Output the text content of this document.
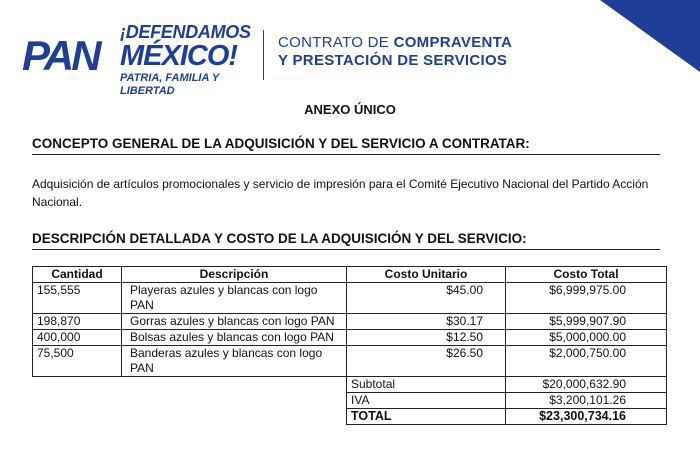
PAN ¡DEFENDAMOS
MÉXICO!
PATRIA, FAMILIA Y LIBERTAD
CONTRATO DE COMPRAVENTA
Y PRESTACIÓN DE SERVICIOS
ANEXO ÚNICO
CONCEPTO GENERAL DE LA ADQUISICIÓN Y DEL SERVICIO A CONTRATAR:
Adquisición de artículos promocionales y servicio de impresión para el Comité Ejecutivo Nacional del Partido Acción Nacional.
DESCRIPCIÓN DETALLADA Y COSTO DE LA ADQUISICIÓN Y DEL SERVICIO:
Cantidad	Descripción	Costo Unitario	Costo Total
155,555	Playeras azules y blancas con logo PAN	$45.00	$6,999,975.00
198,870	Gorras azules y blancas con logo PAN	$30.17	$5,999,907.90
400,000	Bolsas azules y blancas con logo PAN	$12.50	$5,000,000.00
75,500	Banderas azules y blancas con logo PAN	$26.50	$2,000,750.00
		Subtotal	$20,000,632.90
		IVA	$3,200,101.26
		TOTAL	$23,300,734.16
